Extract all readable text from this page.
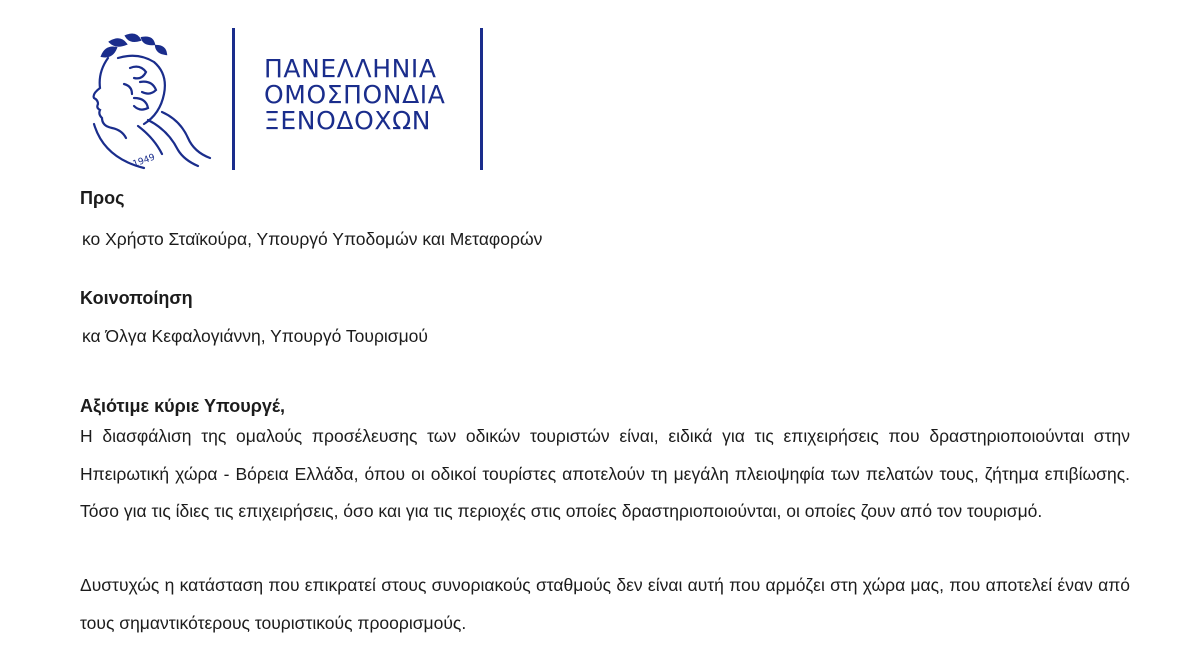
1949
ΠΑΝΕΛΛΗΝΙΑ
ΟΜΟΣΠΟΝΔΙΑ
ΞΕΝΟΔΟΧΩΝ
Προς
κο Χρήστο Σταϊκούρα, Υπουργό Υποδομών και Μεταφορών
Κοινοποίηση
κα Όλγα Κεφαλογιάννη, Υπουργό Τουρισμού
Αξιότιμε κύριε Υπουργέ,
Η διασφάλιση της ομαλούς προσέλευσης των οδικών τουριστών είναι, ειδικά για τις επιχειρήσεις που δραστηριοποιούνται στην Ηπειρωτική χώρα - Βόρεια Ελλάδα, όπου οι οδικοί τουρίστες αποτελούν τη μεγάλη πλειοψηφία των πελατών τους, ζήτημα επιβίωσης. Τόσο για τις ίδιες τις επιχειρήσεις, όσο και για τις περιοχές στις οποίες δραστηριοποιούνται, οι οποίες ζουν από τον τουρισμό.
Δυστυχώς η κατάσταση που επικρατεί στους συνοριακούς σταθμούς δεν είναι αυτή που αρμόζει στη χώρα μας, που αποτελεί έναν από τους σημαντικότερους τουριστικούς προορισμούς.
